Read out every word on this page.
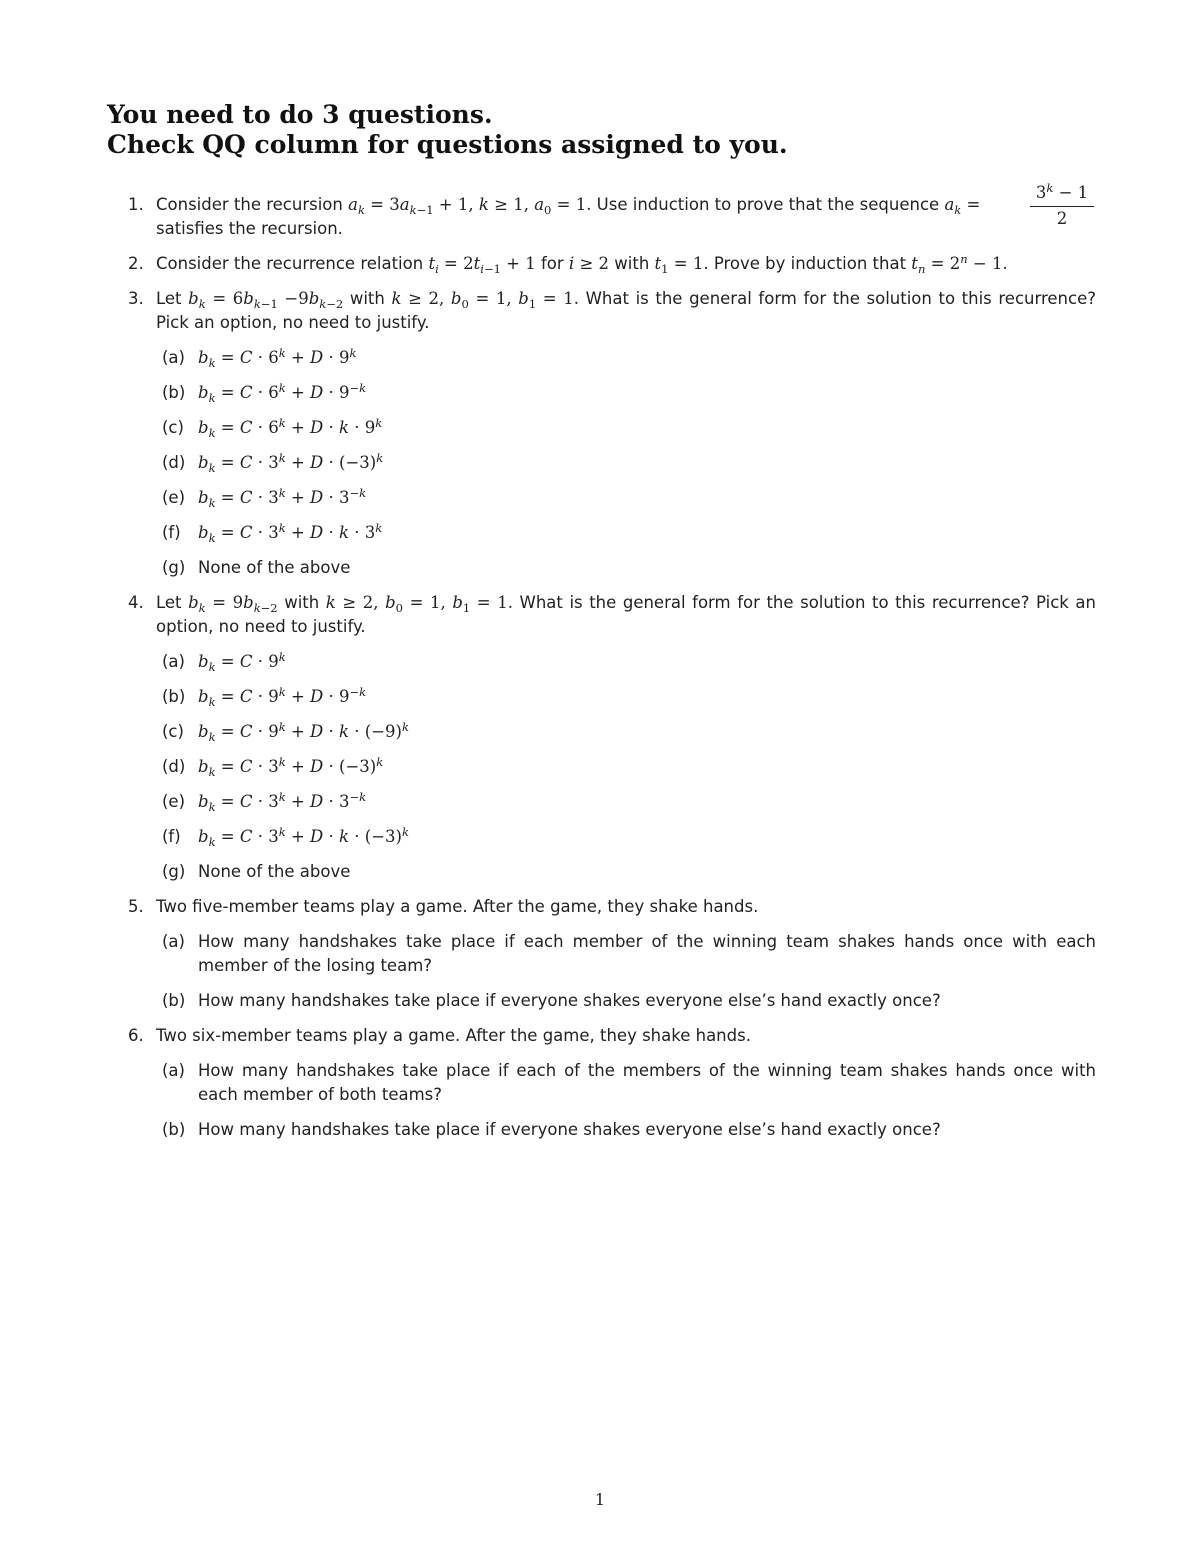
You need to do 3 questions.
Check QQ column for questions assigned to you.
1. Consider the recursion $a_k = 3a_{k-1} + 1$, k ≥ 1, $a_0 = 1$. Use induction to prove that the sequence $a_k$ =	$\frac{3^k - 1}{2}$

satisfies the recursion.
2. Consider the recurrence relation $t_i = 2t_{i-1} + 1$ for i ≥ 2 with $t_1 = 1$. Prove by induction that $t_n = 2^n - 1$.
3. Let $b_k = 6b_{k-1} -9b_{k-2}$ with k ≥ 2, $b_0 = 1$, $b_1 = 1$. What is the general form for the solution to this recurrence? Pick an option, no need to justify.
(a) $b_k = C \cdot 6^k + D \cdot 9^k$
(b) $b_k = C \cdot 6^k + D \cdot 9^{-k}$
(c) $b_k = C \cdot 6^k + D \cdot k \cdot 9^k$
(d) $b_k = C \cdot 3^k + D \cdot (-3)^k$
(e) $b_k = C \cdot 3^k + D \cdot 3^{-k}$
(f) $b_k = C \cdot 3^k + D \cdot k \cdot 3^k$
(g) None of the above
4. Let $b_k = 9b_{k-2}$ with k ≥ 2, $b_0 = 1$, $b_1 = 1$. What is the general form for the solution to this recurrence? Pick an option, no need to justify.
(a) $b_k = C \cdot 9^k$
(b) $b_k = C \cdot 9^k + D \cdot 9^{-k}$
(c) $b_k = C \cdot 9^k + D \cdot k \cdot (-9)^k$
(d) $b_k = C \cdot 3^k + D \cdot (-3)^k$
(e) $b_k = C \cdot 3^k + D \cdot 3^{-k}$
(f) $b_k = C \cdot 3^k + D \cdot k \cdot (-3)^k$
(g) None of the above
5. Two five-member teams play a game. After the game, they shake hands.
(a) How many handshakes take place if each member of the winning team shakes hands once with each member of the losing team?
(b) How many handshakes take place if everyone shakes everyone else’s hand exactly once?
6. Two six-member teams play a game. After the game, they shake hands.
(a) How many handshakes take place if each of the members of the winning team shakes hands once with each member of both teams?
(b) How many handshakes take place if everyone shakes everyone else’s hand exactly once?
1
